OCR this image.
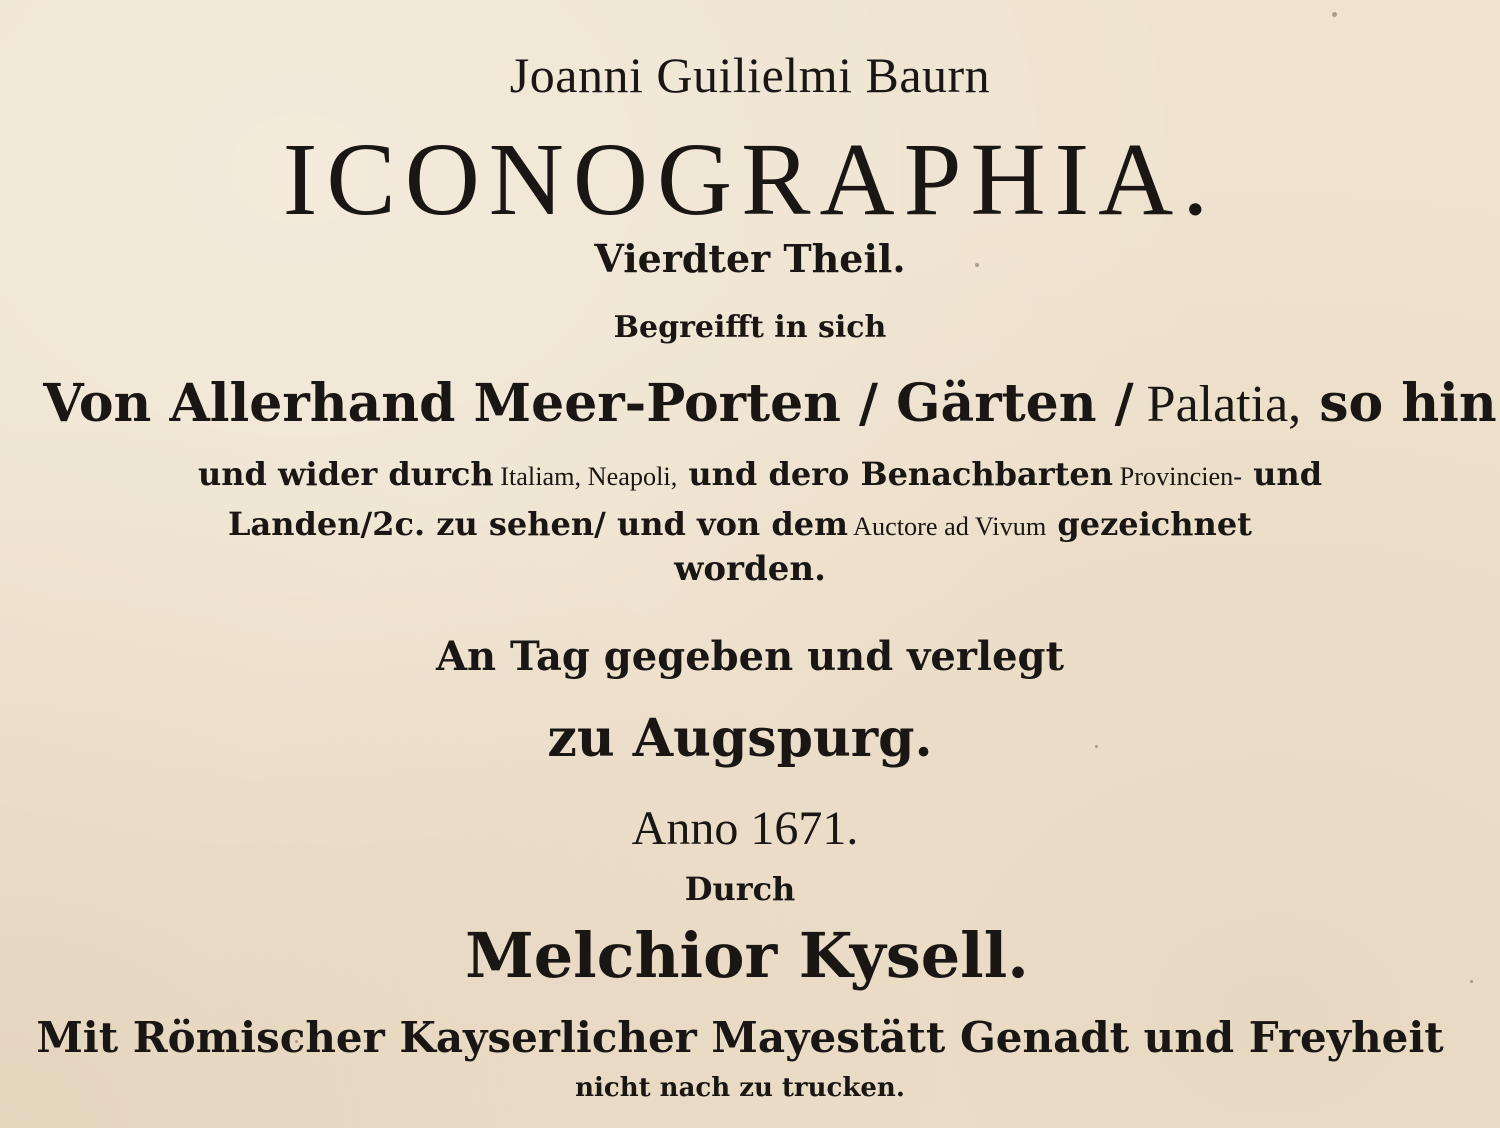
Joanni Guilielmi Baurn
ICONOGRAPHIA.
Vierdter Theil.
Begreifft in sich
Von Allerhand Meer-Porten / Gärten / Palatia, so hin
und wider durch Italiam, Neapoli, und dero Benachbarten Provincien- und
Landen/2c. zu sehen/ und von dem Auctore ad Vivum gezeichnet
worden.
An Tag gegeben und verlegt
zu Augspurg.
Anno 1671.
Durch
Melchior Kysell.
Mit Römischer Kayserlicher Mayestätt Genadt und Freyheit
nicht nach zu trucken.
